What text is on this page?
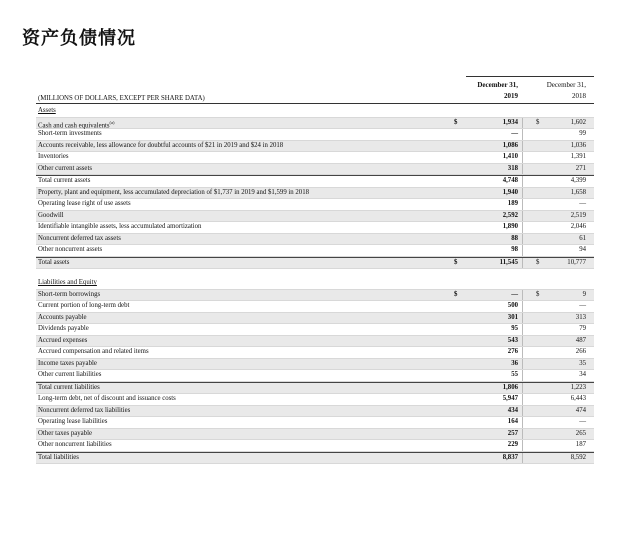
资产负债情况
December 31,
2019
December 31,
2018
(MILLIONS OF DOLLARS, EXCEPT PER SHARE DATA)
Assets
Cash and cash equivalents$^{(a)}$	$	1,934	$	1,602
Short-term investments	—	99
Accounts receivable, less allowance for doubtful accounts of $21 in 2019 and $24 in 2018	1,086	1,036
Inventories	1,410	1,391
Other current assets	318	271
Total current assets	4,748	4,399
Property, plant and equipment, less accumulated depreciation of $1,737 in 2019 and $1,599 in 2018	1,940	1,658
Operating lease right of use assets	189	—
Goodwill	2,592	2,519
Identifiable intangible assets, less accumulated amortization	1,890	2,046
Noncurrent deferred tax assets	88	61
Other noncurrent assets	98	94
Total assets	$	11,545	$	10,777
Liabilities and Equity
Short-term borrowings	$	—	$	9
Current portion of long-term debt	500	—
Accounts payable	301	313
Dividends payable	95	79
Accrued expenses	543	487
Accrued compensation and related items	276	266
Income taxes payable	36	35
Other current liabilities	55	34
Total current liabilities	1,806	1,223
Long-term debt, net of discount and issuance costs	5,947	6,443
Noncurrent deferred tax liabilities	434	474
Operating lease liabilities	164	—
Other taxes payable	257	265
Other noncurrent liabilities	229	187
Total liabilities	8,837	8,592
